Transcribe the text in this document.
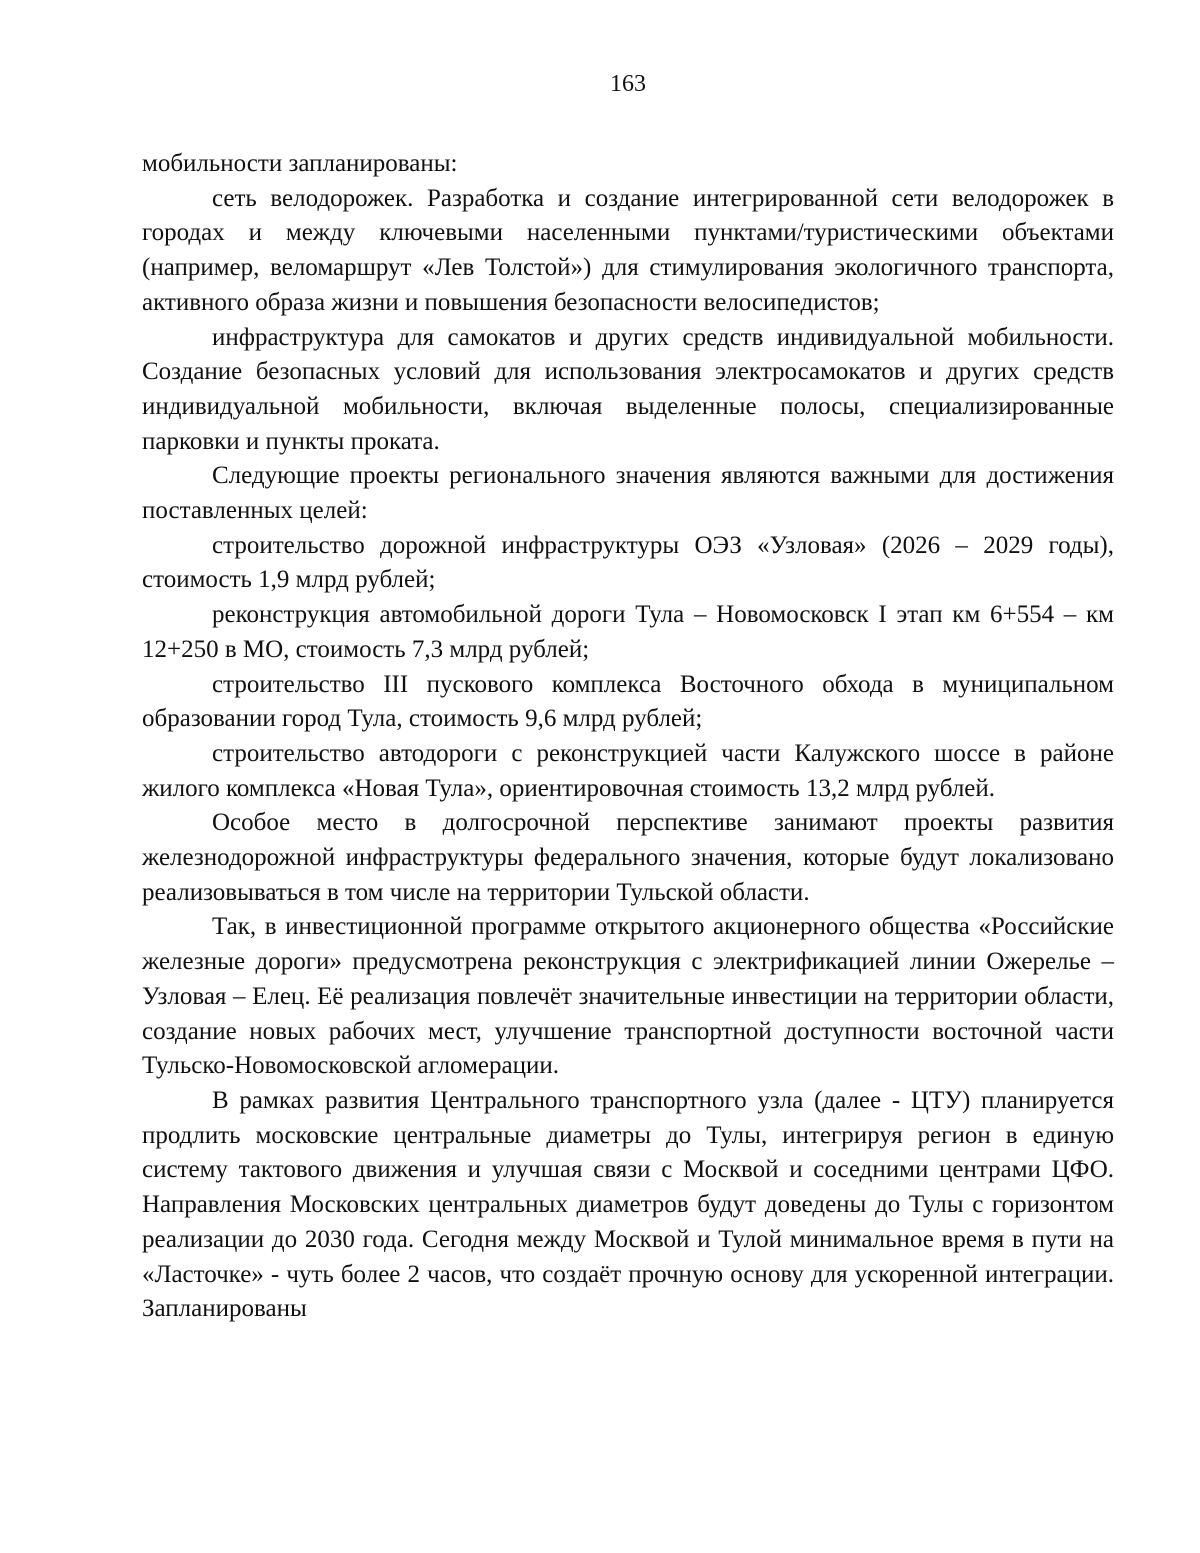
163

мобильности запланированы:

сеть велодорожек. Разработка и создание интегрированной сети велодорожек в городах и между ключевыми населенными пунктами/туристическими объектами (например, веломаршрут «Лев Толстой») для стимулирования экологичного транспорта, активного образа жизни и повышения безопасности велосипедистов;

инфраструктура для самокатов и других средств индивидуальной мобильности. Создание безопасных условий для использования электросамокатов и других средств индивидуальной мобильности, включая выделенные полосы, специализированные парковки и пункты проката.

Следующие проекты регионального значения являются важными для достижения поставленных целей:

строительство дорожной инфраструктуры ОЭЗ «Узловая» (2026 – 2029 годы), стоимость 1,9 млрд рублей;

реконструкция автомобильной дороги Тула – Новомосковск I этап км 6+554 – км 12+250 в МО, стоимость 7,3 млрд рублей;

строительство III пускового комплекса Восточного обхода в муниципальном образовании город Тула, стоимость 9,6 млрд рублей;

строительство автодороги с реконструкцией части Калужского шоссе в районе жилого комплекса «Новая Тула», ориентировочная стоимость 13,2 млрд рублей.

Особое место в долгосрочной перспективе занимают проекты развития железнодорожной инфраструктуры федерального значения, которые будут локализовано реализовываться в том числе на территории Тульской области.

Так, в инвестиционной программе открытого акционерного общества «Российские железные дороги» предусмотрена реконструкция с электрификацией линии Ожерелье – Узловая – Елец. Её реализация повлечёт значительные инвестиции на территории области, создание новых рабочих мест, улучшение транспортной доступности восточной части Тульско-Новомосковской агломерации.

В рамках развития Центрального транспортного узла (далее - ЦТУ) планируется продлить московские центральные диаметры до Тулы, интегрируя регион в единую систему тактового движения и улучшая связи с Москвой и соседними центрами ЦФО. Направления Московских центральных диаметров будут доведены до Тулы с горизонтом реализации до 2030 года. Сегодня между Москвой и Тулой минимальное время в пути на «Ласточке» - чуть более 2 часов, что создаёт прочную основу для ускоренной интеграции. Запланированы
